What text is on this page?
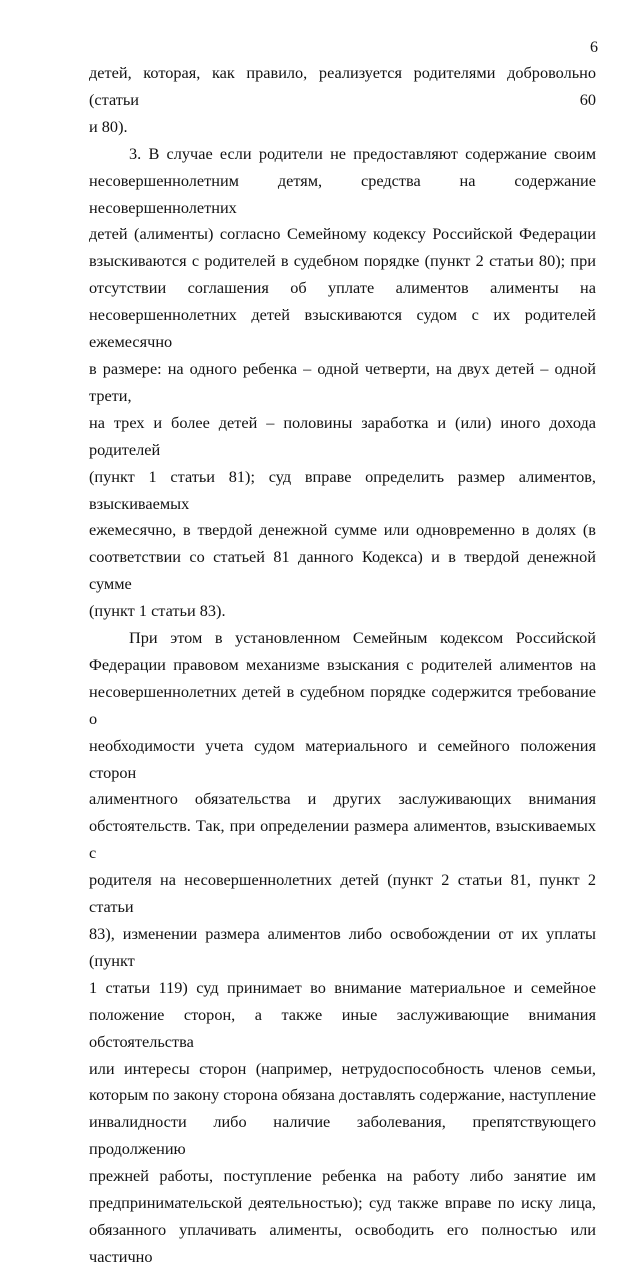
6
детей, которая, как правило, реализуется родителями добровольно (статьи 60
и 80).
3. В случае если родители не предоставляют содержание своим
несовершеннолетним детям, средства на содержание несовершеннолетних
детей (алименты) согласно Семейному кодексу Российской Федерации
взыскиваются с родителей в судебном порядке (пункт 2 статьи 80); при
отсутствии соглашения об уплате алиментов алименты на
несовершеннолетних детей взыскиваются судом с их родителей ежемесячно
в размере: на одного ребенка – одной четверти, на двух детей – одной трети,
на трех и более детей – половины заработка и (или) иного дохода родителей
(пункт 1 статьи 81); суд вправе определить размер алиментов, взыскиваемых
ежемесячно, в твердой денежной сумме или одновременно в долях (в
соответствии со статьей 81 данного Кодекса) и в твердой денежной сумме
(пункт 1 статьи 83).
При этом в установленном Семейным кодексом Российской
Федерации правовом механизме взыскания с родителей алиментов на
несовершеннолетних детей в судебном порядке содержится требование о
необходимости учета судом материального и семейного положения сторон
алиментного обязательства и других заслуживающих внимания
обстоятельств. Так, при определении размера алиментов, взыскиваемых с
родителя на несовершеннолетних детей (пункт 2 статьи 81, пункт 2 статьи
83), изменении размера алиментов либо освобождении от их уплаты (пункт
1 статьи 119) суд принимает во внимание материальное и семейное
положение сторон, а также иные заслуживающие внимания обстоятельства
или интересы сторон (например, нетрудоспособность членов семьи,
которым по закону сторона обязана доставлять содержание, наступление
инвалидности либо наличие заболевания, препятствующего продолжению
прежней работы, поступление ребенка на работу либо занятие им
предпринимательской деятельностью); суд также вправе по иску лица,
обязанного уплачивать алименты, освободить его полностью или частично
